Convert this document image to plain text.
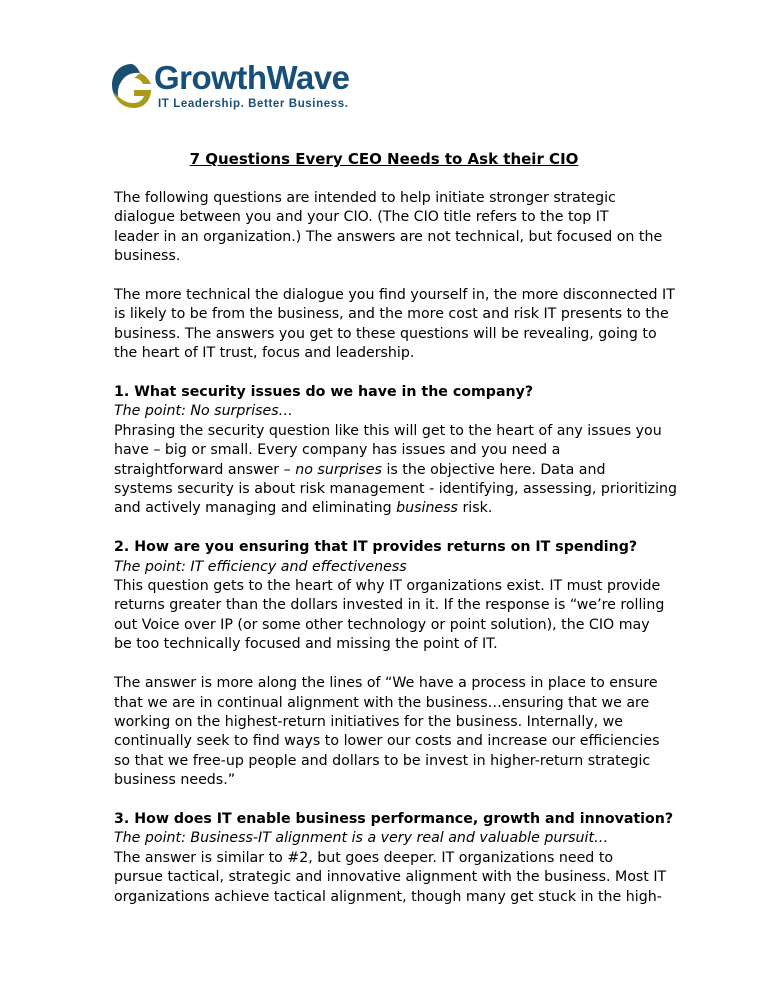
GrowthWave
IT Leadership. Better Business.
7 Questions Every CEO Needs to Ask their CIO

The following questions are intended to help initiate stronger strategic
dialogue between you and your CIO. (The CIO title refers to the top IT
leader in an organization.) The answers are not technical, but focused on the
business.

The more technical the dialogue you find yourself in, the more disconnected IT
is likely to be from the business, and the more cost and risk IT presents to the
business. The answers you get to these questions will be revealing, going to
the heart of IT trust, focus and leadership.

1. What security issues do we have in the company?
The point: No surprises…
Phrasing the security question like this will get to the heart of any issues you
have – big or small. Every company has issues and you need a
straightforward answer – no surprises is the objective here. Data and
systems security is about risk management - identifying, assessing, prioritizing
and actively managing and eliminating business risk.

2. How are you ensuring that IT provides returns on IT spending?
The point: IT efficiency and effectiveness
This question gets to the heart of why IT organizations exist. IT must provide
returns greater than the dollars invested in it. If the response is “we’re rolling
out Voice over IP (or some other technology or point solution), the CIO may
be too technically focused and missing the point of IT.

The answer is more along the lines of “We have a process in place to ensure
that we are in continual alignment with the business…ensuring that we are
working on the highest-return initiatives for the business. Internally, we
continually seek to find ways to lower our costs and increase our efficiencies
so that we free-up people and dollars to be invest in higher-return strategic
business needs.”

3. How does IT enable business performance, growth and innovation?
The point: Business-IT alignment is a very real and valuable pursuit…
The answer is similar to #2, but goes deeper. IT organizations need to
pursue tactical, strategic and innovative alignment with the business. Most IT
organizations achieve tactical alignment, though many get stuck in the high-
